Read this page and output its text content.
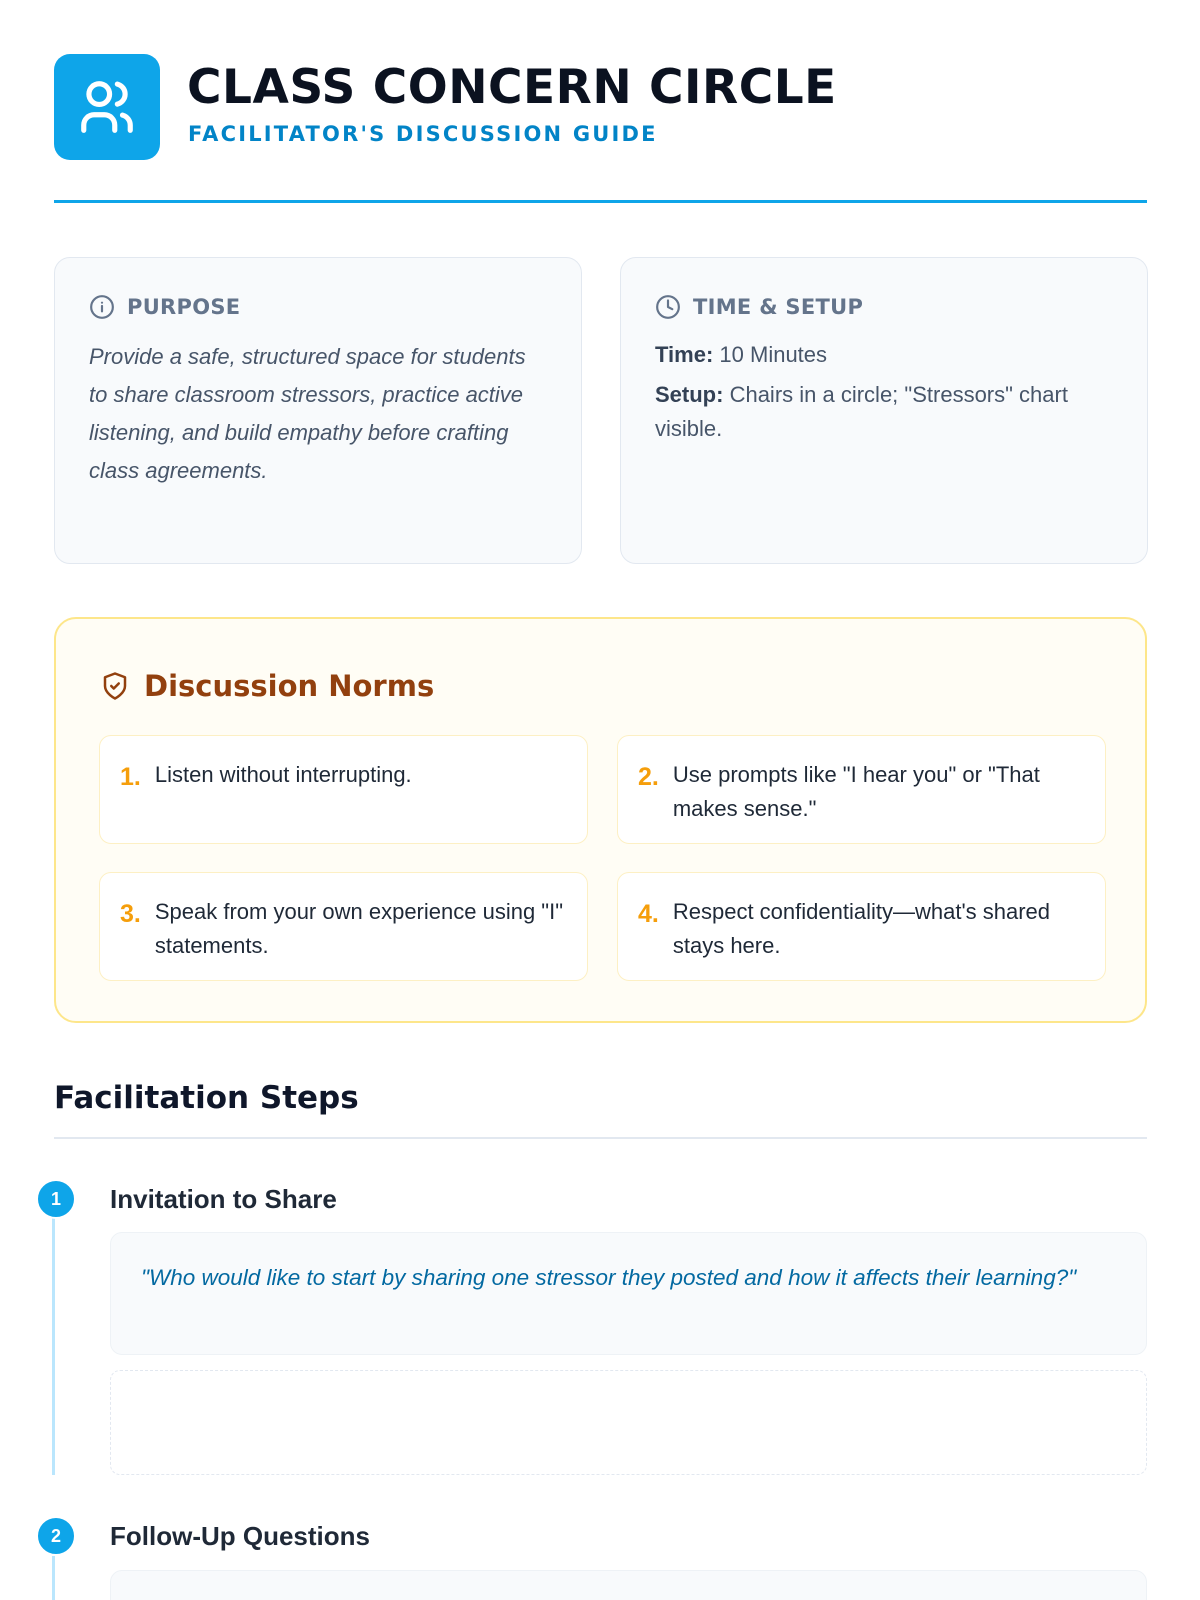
CLASS CONCERN CIRCLE
FACILITATOR'S DISCUSSION GUIDE
PURPOSE

Provide a safe, structured space for students to share classroom stressors, practice active listening, and build empathy before crafting class agreements.

TIME & SETUP

Time: 10 Minutes

Setup: Chairs in a circle; "Stressors" chart visible.

Discussion Norms
1. Listen without interrupting.	2. Use prompts like "I hear you" or "That makes sense."
3. Speak from your own experience using "I" statements.
4. Respect confidentiality—what's shared stays here.
Facilitation Steps
1	Invitation to Share
"Who would like to start by sharing one stressor they posted and how it affects their learning?"
2	Follow-Up Questions
